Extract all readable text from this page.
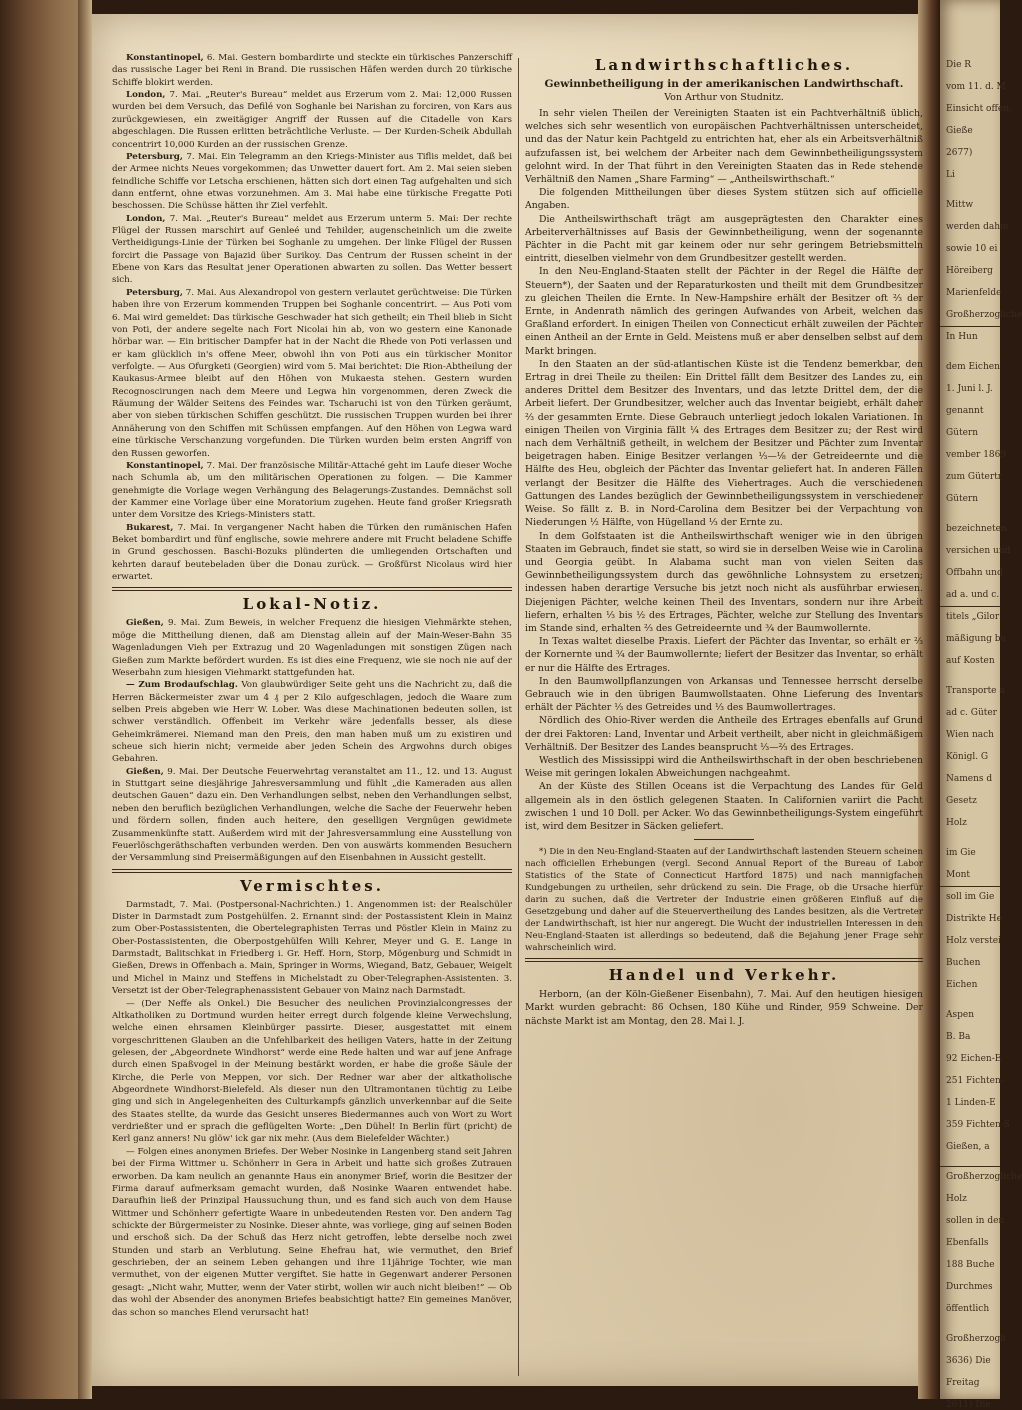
Die R
vom 11. d. M
Einsicht offen.
Gieße
2677)
Li
Mittw
werden dahie
sowie 10 ei
Höreiberg
Marienfelde
Großherzogliche
In Hun
dem Eichen
1. Juni l. J.
genannt
Gütern
vember 1869
zum Gütertr
Gütern
bezeichneten
versichen und
Offbahn und
ad a. und c.
titels „Gilor
mäßigung be
auf Kosten
Transporte a
ad c. Güter
Wien nach
Königl. G
Namens d
Gesetz
Holz
im Gie
Mont
soll im Gie
Distrikte He
Holz verstei
Buchen
Eichen
Aspen
B. Ba
92 Eichen-E
251 Fichten-
1 Linden-E
359 Fichten-S
Gießen, a
Großherzogliche
Holz
sollen in den
Ebenfalls
188 Buche
Durchmes
öffentlich
Großherzogli
3636) Die
Freitag
2611) Die

Konstantinopel, 6. Mai. Gestern bombardirte und steckte ein türkisches Panzerschiff das russische Lager bei Reni in Brand. Die russischen Häfen werden durch 20 türkische Schiffe blokirt werden.

London, 7. Mai. „Reuter's Bureau“ meldet aus Erzerum vom 2. Mai: 12,000 Russen wurden bei dem Versuch, das Defilé von Soghanle bei Narishan zu forciren, von Kars aus zurückgewiesen, ein zweitägiger Angriff der Russen auf die Citadelle von Kars abgeschlagen. Die Russen erlitten beträchtliche Verluste. — Der Kurden-Scheik Abdullah concentrirt 10,000 Kurden an der russischen Grenze.

Petersburg, 7. Mai. Ein Telegramm an den Kriegs-Minister aus Tiflis meldet, daß bei der Armee nichts Neues vorgekommen; das Unwetter dauert fort. Am 2. Mai seien sieben feindliche Schiffe vor Letscha erschienen, hätten sich dort einen Tag aufgehalten und sich dann entfernt, ohne etwas vorzunehmen. Am 3. Mai habe eine türkische Fregatte Poti beschossen. Die Schüsse hätten ihr Ziel verfehlt.

London, 7. Mai. „Reuter's Bureau“ meldet aus Erzerum unterm 5. Mai: Der rechte Flügel der Russen marschirt auf Genleé und Tehilder, augenscheinlich um die zweite Vertheidigungs-Linie der Türken bei Soghanle zu umgehen. Der linke Flügel der Russen forcirt die Passage von Bajazid über Surikoy. Das Centrum der Russen scheint in der Ebene von Kars das Resultat jener Operationen abwarten zu sollen. Das Wetter bessert sich.

Petersburg, 7. Mai. Aus Alexandropol von gestern verlautet gerüchtweise: Die Türken haben ihre von Erzerum kommenden Truppen bei Soghanle concentrirt. — Aus Poti vom 6. Mai wird gemeldet: Das türkische Geschwader hat sich getheilt; ein Theil blieb in Sicht von Poti, der andere segelte nach Fort Nicolai hin ab, von wo gestern eine Kanonade hörbar war. — Ein britischer Dampfer hat in der Nacht die Rhede von Poti verlassen und er kam glücklich in's offene Meer, obwohl ihn von Poti aus ein türkischer Monitor verfolgte. — Aus Ofurgketi (Georgien) wird vom 5. Mai berichtet: Die Rion-Abtheilung der Kaukasus-Armee bleibt auf den Höhen von Mukaesta stehen. Gestern wurden Recognoscirungen nach dem Meere und Legwa hin vorgenommen, deren Zweck die Räumung der Wälder Seitens des Feindes war. Tscharuchi ist von den Türken geräumt, aber von sieben türkischen Schiffen geschützt. Die russischen Truppen wurden bei ihrer Annäherung von den Schiffen mit Schüssen empfangen. Auf den Höhen von Legwa ward eine türkische Verschanzung vorgefunden. Die Türken wurden beim ersten Angriff von den Russen geworfen.

Konstantinopel, 7. Mai. Der französische Militär-Attaché geht im Laufe dieser Woche nach Schumla ab, um den militärischen Operationen zu folgen. — Die Kammer genehmigte die Vorlage wegen Verhängung des Belagerungs-Zustandes. Demnächst soll der Kammer eine Vorlage über eine Moratorium zugehen. Heute fand großer Kriegsrath unter dem Vorsitze des Kriegs-Ministers statt.

Bukarest, 7. Mai. In vergangener Nacht haben die Türken den rumänischen Hafen Beket bombardirt und fünf englische, sowie mehrere andere mit Frucht beladene Schiffe in Grund geschossen. Baschi-Bozuks plünderten die umliegenden Ortschaften und kehrten darauf beutebeladen über die Donau zurück. — Großfürst Nicolaus wird hier erwartet.

Lokal-Notiz.

Gießen, 9. Mai. Zum Beweis, in welcher Frequenz die hiesigen Viehmärkte stehen, möge die Mittheilung dienen, daß am Dienstag allein auf der Main-Weser-Bahn 35 Wagenladungen Vieh per Extrazug und 20 Wagenladungen mit sonstigen Zügen nach Gießen zum Markte befördert wurden. Es ist dies eine Frequenz, wie sie noch nie auf der Weserbahn zum hiesigen Viehmarkt stattgefunden hat.

— Zum Brodaufschlag. Von glaubwürdiger Seite geht uns die Nachricht zu, daß die Herren Bäckermeister zwar um 4 ₰ per 2 Kilo aufgeschlagen, jedoch die Waare zum selben Preis abgeben wie Herr W. Lober. Was diese Machinationen bedeuten sollen, ist schwer verständlich. Offenbeit im Verkehr wäre jedenfalls besser, als diese Geheimkrämerei. Niemand man den Preis, den man haben muß um zu existiren und scheue sich hierin nicht; vermeide aber jeden Schein des Argwohns durch obiges Gebahren.

Gießen, 9. Mai. Der Deutsche Feuerwehrtag veranstaltet am 11., 12. und 13. August in Stuttgart seine diesjährige Jahresversammlung und fühlt „die Kameraden aus allen deutschen Gauen“ dazu ein. Den Verhandlungen selbst, neben den Verhandlungen selbst, neben den beruflich bezüglichen Verhandlungen, welche die Sache der Feuerwehr heben und fördern sollen, finden auch heitere, den geselligen Vergnügen gewidmete Zusammenkünfte statt. Außerdem wird mit der Jahresversammlung eine Ausstellung von Feuerlöschgeräthschaften verbunden werden. Den von auswärts kommenden Besuchern der Versammlung sind Preisermäßigungen auf den Eisenbahnen in Aussicht gestellt.

Vermischtes.

Darmstadt, 7. Mai. (Postpersonal-Nachrichten.) 1. Angenommen ist: der Realschüler Dister in Darmstadt zum Postgehülfen. 2. Ernannt sind: der Postassistent Klein in Mainz zum Ober-Postassistenten, die Obertelegraphisten Terras und Pöstler Klein in Mainz zu Ober-Postassistenten, die Oberpostgehülfen Willi Kehrer, Meyer und G. E. Lange in Darmstadt, Balitschkat in Friedberg i. Gr. Heff. Horn, Storp, Mögenburg und Schmidt in Gießen, Drews in Offenbach a. Main, Springer in Worms, Wiegand, Batz, Gebauer, Weigelt und Michel in Mainz und Steffens in Michelstadt zu Ober-Telegraphen-Assistenten. 3. Versetzt ist der Ober-Telegraphenassistent Gebauer von Mainz nach Darmstadt.

— (Der Neffe als Onkel.) Die Besucher des neulichen Provinzialcongresses der Altkatholiken zu Dortmund wurden heiter erregt durch folgende kleine Verwechslung, welche einen ehrsamen Kleinbürger passirte. Dieser, ausgestattet mit einem vorgeschrittenen Glauben an die Unfehlbarkeit des heiligen Vaters, hatte in der Zeitung gelesen, der „Abgeordnete Windhorst“ werde eine Rede halten und war auf jene Anfrage durch einen Spaßvogel in der Meinung bestärkt worden, er habe die große Säule der Kirche, die Perle von Meppen, vor sich. Der Redner war aber der altkatholische Abgeordnete Windhorst-Bielefeld. Als dieser nun den Ultramontanen tüchtig zu Leibe ging und sich in Angelegenheiten des Culturkampfs gänzlich unverkennbar auf die Seite des Staates stellte, da wurde das Gesicht unseres Biedermannes auch von Wort zu Wort verdrießter und er sprach die geflügelten Worte: „Den Dühel! In Berlin fürt (pricht) de Kerl ganz anners! Nu glöw' ick gar nix mehr. (Aus dem Bielefelder Wächter.)

— Folgen eines anonymen Briefes. Der Weber Nosinke in Langenberg stand seit Jahren bei der Firma Wittmer u. Schönherr in Gera in Arbeit und hatte sich großes Zutrauen erworben. Da kam neulich an genannte Haus ein anonymer Brief, worin die Besitzer der Firma darauf aufmerksam gemacht wurden, daß Nosinke Waaren entwendet habe. Daraufhin ließ der Prinzipal Haussuchung thun, und es fand sich auch von dem Hause Wittmer und Schönherr gefertigte Waare in unbedeutenden Resten vor. Den andern Tag schickte der Bürgermeister zu Nosinke. Dieser ahnte, was vorliege, ging auf seinen Boden und erschoß sich. Da der Schuß das Herz nicht getroffen, lebte derselbe noch zwei Stunden und starb an Verblutung. Seine Ehefrau hat, wie vermuthet, den Brief geschrieben, der an seinem Leben gehangen und ihre 11jährige Tochter, wie man vermuthet, von der eigenen Mutter vergiftet. Sie hatte in Gegenwart anderer Personen gesagt: „Nicht wahr, Mutter, wenn der Vater stirbt, wollen wir auch nicht bleiben!“ — Ob das wohl der Absender des anonymen Briefes beabsichtigt hatte? Ein gemeines Manöver, das schon so manches Elend verursacht hat!

Landwirthschaftliches.
Gewinnbetheiligung in der amerikanischen Landwirthschaft.
Von Arthur von Studnitz.

In sehr vielen Theilen der Vereinigten Staaten ist ein Pachtverhältniß üblich, welches sich sehr wesentlich von europäischen Pachtverhältnissen unterscheidet, und das der Natur kein Pachtgeld zu entrichten hat, eher als ein Arbeitsverhältniß aufzufassen ist, bei welchem der Arbeiter nach dem Gewinnbetheiligungssystem gelohnt wird. In der That führt in den Vereinigten Staaten das in Rede stehende Verhältniß den Namen „Share Farming“ — „Antheilswirthschaft.“

Die folgenden Mittheilungen über dieses System stützen sich auf officielle Angaben.

Die Antheilswirthschaft trägt am ausgeprägtesten den Charakter eines Arbeiterverhältnisses auf Basis der Gewinnbetheiligung, wenn der sogenannte Pächter in die Pacht mit gar keinem oder nur sehr geringem Betriebsmitteln eintritt, dieselben vielmehr von dem Grundbesitzer gestellt werden.

In den Neu-England-Staaten stellt der Pächter in der Regel die Hälfte der Steuern*), der Saaten und der Reparaturkosten und theilt mit dem Grundbesitzer zu gleichen Theilen die Ernte. In New-Hampshire erhält der Besitzer oft ⅔ der Ernte, in Andenrath nämlich des geringen Aufwandes von Arbeit, welchen das Graßland erfordert. In einigen Theilen von Connecticut erhält zuweilen der Pächter einen Antheil an der Ernte in Geld. Meistens muß er aber denselben selbst auf dem Markt bringen.

In den Staaten an der süd-atlantischen Küste ist die Tendenz bemerkbar, den Ertrag in drei Theile zu theilen: Ein Drittel fällt dem Besitzer des Landes zu, ein anderes Drittel dem Besitzer des Inventars, und das letzte Drittel dem, der die Arbeit liefert. Der Grundbesitzer, welcher auch das Inventar beigiebt, erhält daher ⅔ der gesammten Ernte. Diese Gebrauch unterliegt jedoch lokalen Variationen. In einigen Theilen von Virginia fällt ¼ des Ertrages dem Besitzer zu; der Rest wird nach dem Verhältniß getheilt, in welchem der Besitzer und Pächter zum Inventar beigetragen haben. Einige Besitzer verlangen ⅓—⅛ der Getreideernte und die Hälfte des Heu, obgleich der Pächter das Inventar geliefert hat. In anderen Fällen verlangt der Besitzer die Hälfte des Viehertrages. Auch die verschiedenen Gattungen des Landes bezüglich der Gewinnbetheiligungssystem in verschiedener Weise. So fällt z. B. in Nord-Carolina dem Besitzer bei der Verpachtung von Niederungen ½ Hälfte, von Hügelland ⅓ der Ernte zu.

In dem Golfstaaten ist die Antheilswirthschaft weniger wie in den übrigen Staaten im Gebrauch, findet sie statt, so wird sie in derselben Weise wie in Carolina und Georgia geübt. In Alabama sucht man von vielen Seiten das Gewinnbetheiligungssystem durch das gewöhnliche Lohnsystem zu ersetzen; indessen haben derartige Versuche bis jetzt noch nicht als ausführbar erwiesen. Diejenigen Pächter, welche keinen Theil des Inventars, sondern nur ihre Arbeit liefern, erhalten ⅓ bis ½ des Ertrages, Pächter, welche zur Stellung des Inventars im Stande sind, erhalten ⅔ des Getreideernte und ¾ der Baumwollernte.

In Texas waltet dieselbe Praxis. Liefert der Pächter das Inventar, so erhält er ⅔ der Kornernte und ¾ der Baumwollernte; liefert der Besitzer das Inventar, so erhält er nur die Hälfte des Ertrages.

In den Baumwollpflanzungen von Arkansas und Tennessee herrscht derselbe Gebrauch wie in den übrigen Baumwollstaaten. Ohne Lieferung des Inventars erhält der Pächter ⅓ des Getreides und ⅓ des Baumwollertrages.

Nördlich des Ohio-River werden die Antheile des Ertrages ebenfalls auf Grund der drei Faktoren: Land, Inventar und Arbeit vertheilt, aber nicht in gleichmäßigem Verhältniß. Der Besitzer des Landes beansprucht ⅓—⅔ des Ertrages.

Westlich des Mississippi wird die Antheilswirthschaft in der oben beschriebenen Weise mit geringen lokalen Abweichungen nachgeahmt.

An der Küste des Stillen Oceans ist die Verpachtung des Landes für Geld allgemein als in den östlich gelegenen Staaten. In Californien variirt die Pacht zwischen 1 und 10 Doll. per Acker. Wo das Gewinnbetheiligungs-System eingeführt ist, wird dem Besitzer in Säcken geliefert.

*) Die in den Neu-England-Staaten auf der Landwirthschaft lastenden Steuern scheinen nach officiellen Erhebungen (vergl. Second Annual Report of the Bureau of Labor Statistics of the State of Connecticut Hartford 1875) und nach mannigfachen Kundgebungen zu urtheilen, sehr drückend zu sein. Die Frage, ob die Ursache hierfür darin zu suchen, daß die Vertreter der Industrie einen größeren Einfluß auf die Gesetzgebung und daher auf die Steuervertheilung des Landes besitzen, als die Vertreter der Landwirthschaft, ist hier nur angeregt. Die Wucht der industriellen Interessen in den Neu-England-Staaten ist allerdings so bedeutend, daß die Bejahung jener Frage sehr wahrscheinlich wird.

Handel und Verkehr.

Herborn, (an der Köln-Gießener Eisenbahn), 7. Mai. Auf den heutigen hiesigen Markt wurden gebracht: 86 Ochsen, 180 Kühe und Rinder, 959 Schweine. Der nächste Markt ist am Montag, den 28. Mai l. J.
